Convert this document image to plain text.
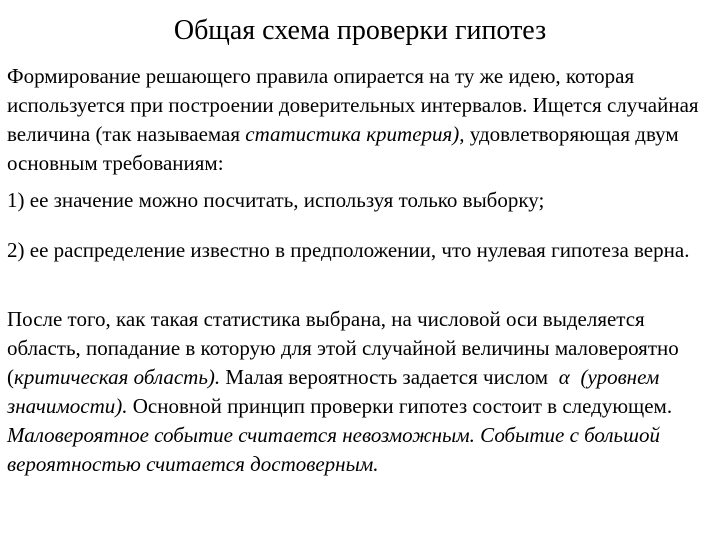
Общая схема проверки гипотез
Формирование решающего правила опирается на ту же идею, которая используется при построении доверительных интервалов. Ищется случайная величина (так называемая статистика критерия), удовлетворяющая двум основным требованиям:
1) ее значение можно посчитать, используя только выборку;
2) ее распределение известно в предположении, что нулевая гипотеза верна.
После того, как такая статистика выбрана, на числовой оси выделяется область, попадание в которую для этой случайной величины маловероятно (критическая область). Малая вероятность задается числом α (уровнем значимости). Основной принцип проверки гипотез состоит в следующем. Маловероятное событие считается невозможным. Событие с большой вероятностью считается достоверным.
